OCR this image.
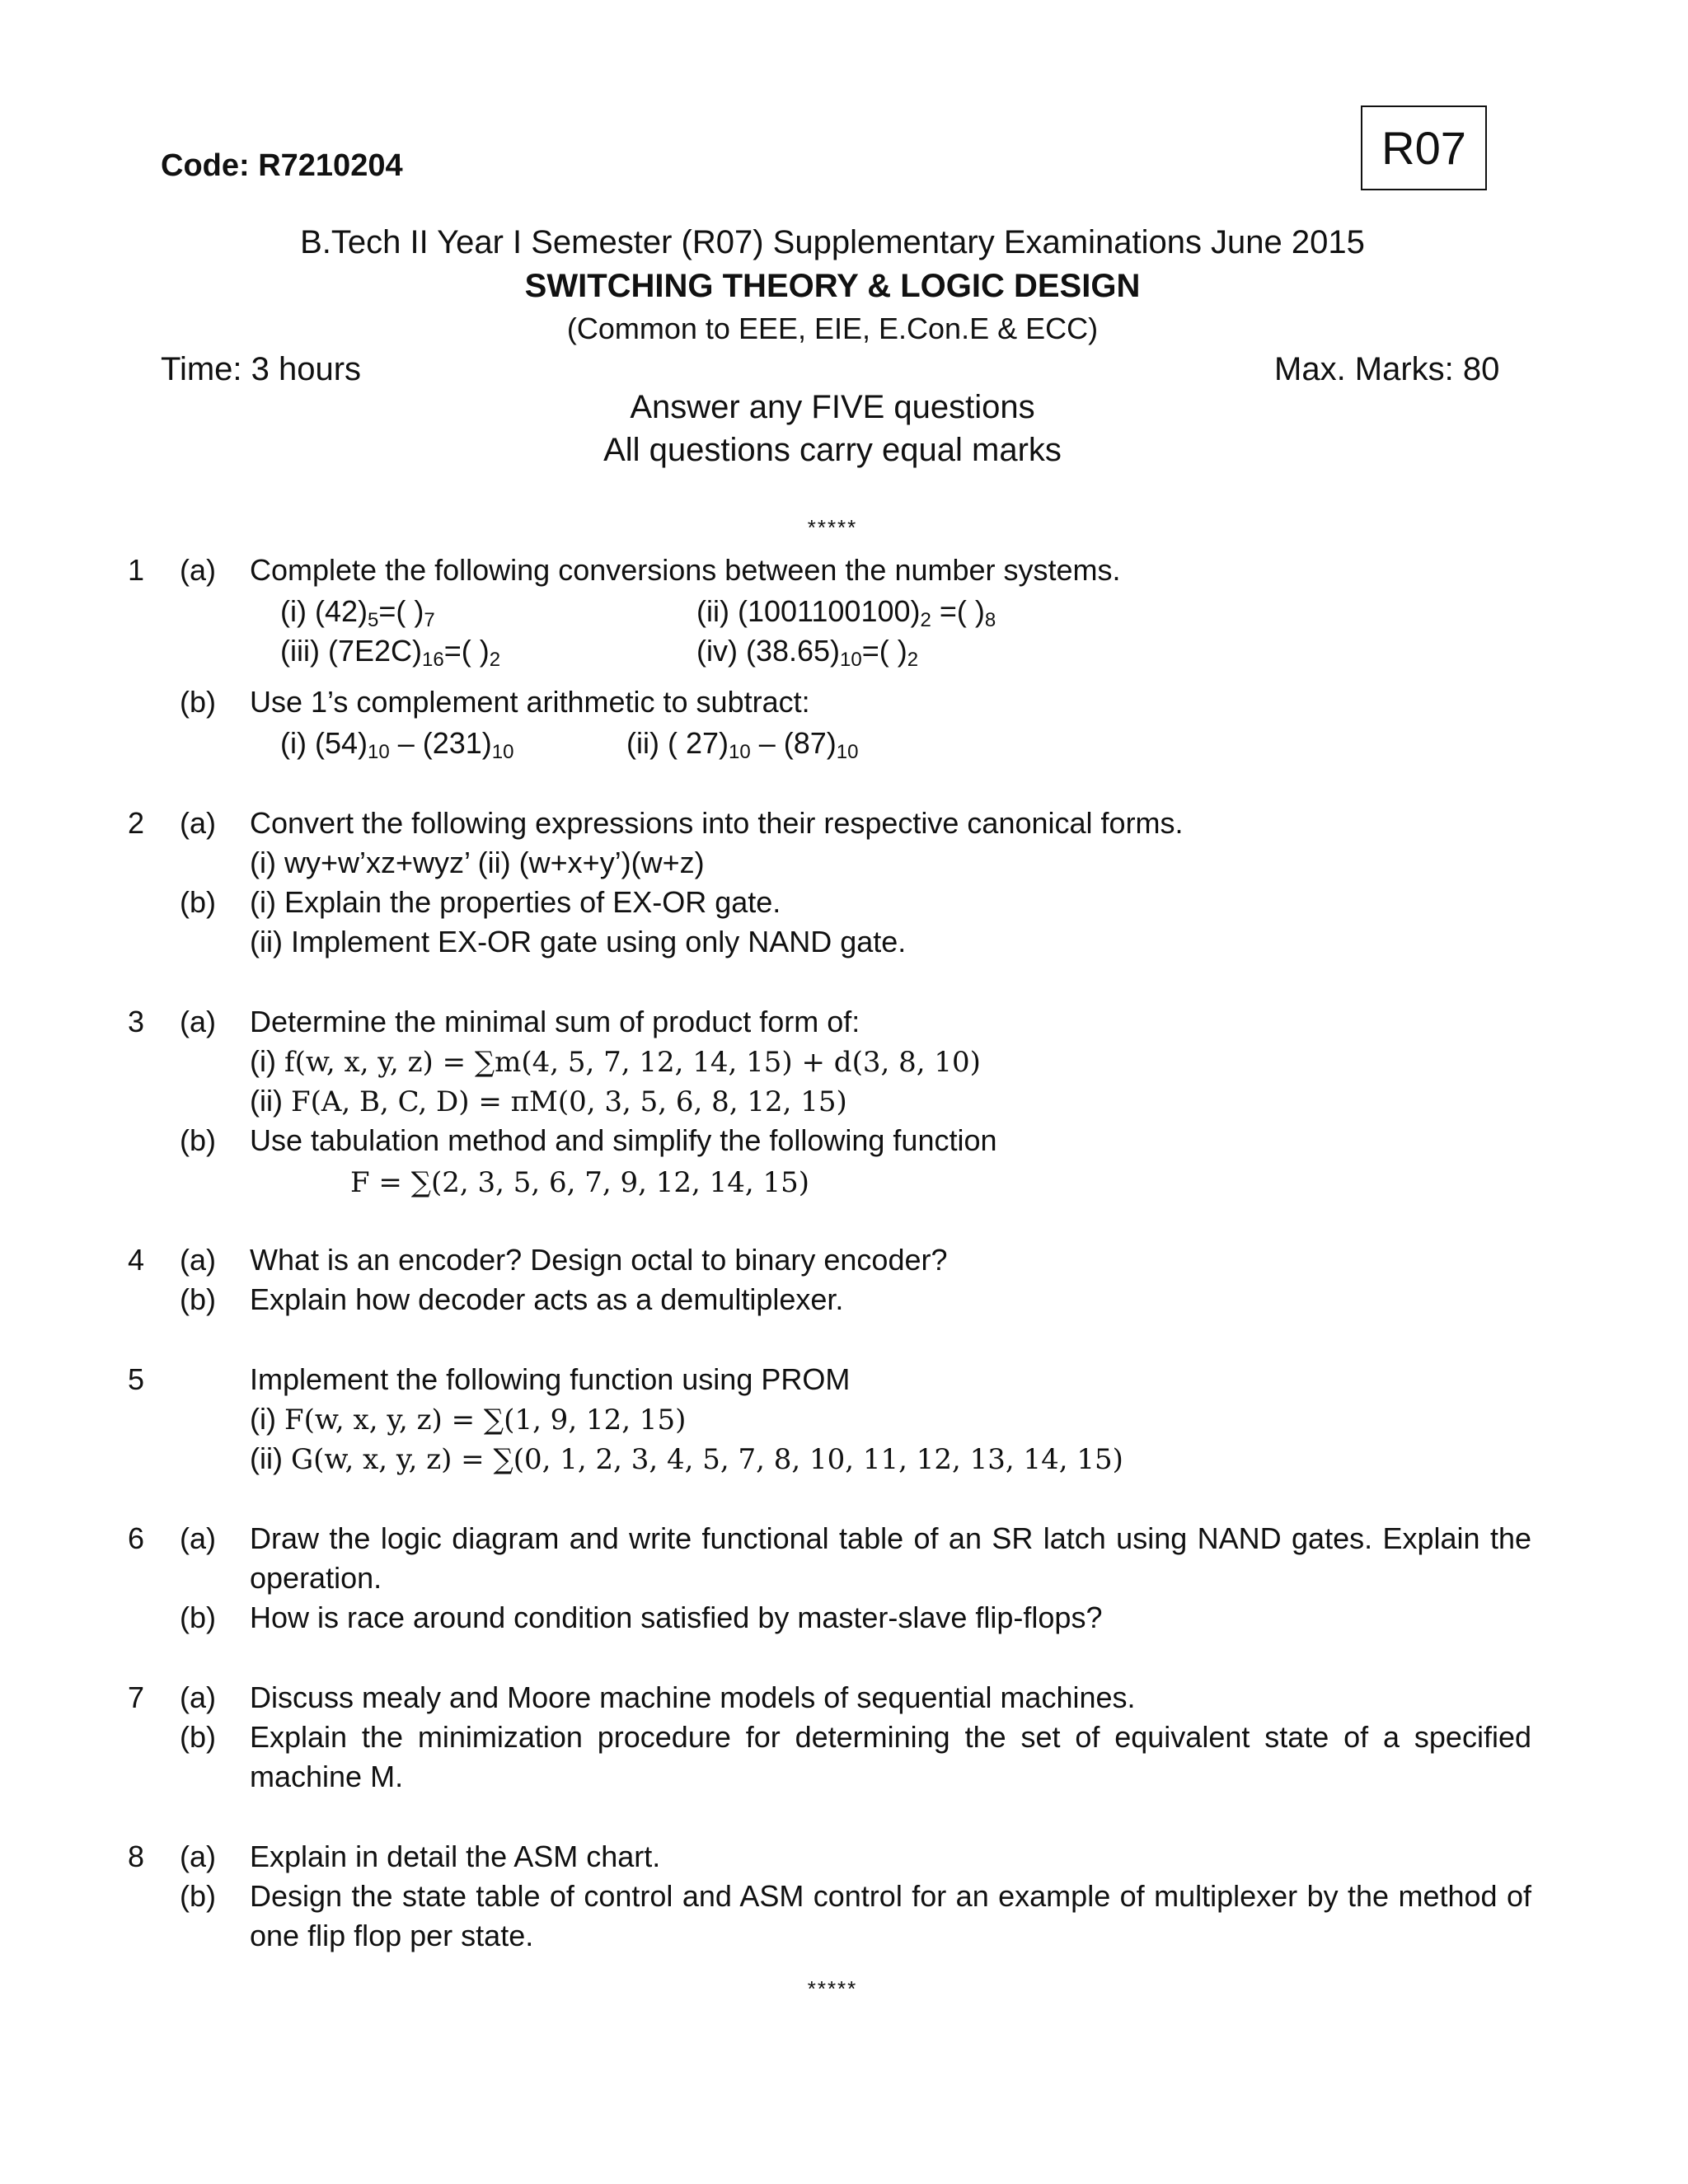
Code: R7210204	R07
B.Tech II Year I Semester (R07) Supplementary Examinations June 2015
SWITCHING THEORY & LOGIC DESIGN
(Common to EEE, EIE, E.Con.E & ECC)
Time: 3 hours	Max. Marks: 80
Answer any FIVE questions
All questions carry equal marks
*****
1 (a) Complete the following conversions between the number systems.
(i) $(42)_5=$( )$_7$	(ii) $(1001100100)_2$ =( )$_8$
(iii) $(7E2C)_{16}=$( )$_2$	(iv) $(38.65)_{10}=$( )$_2$
(b) Use 1’s complement arithmetic to subtract:
(i) $(54)_{10} - (231)_{10}$	(ii) ( $27)_{10} - (87)_{10}$
2 (a) Convert the following expressions into their respective canonical forms.
(i) wy+w’xz+wyz’ (ii) (w+x+y’)(w+z)
(b) (i) Explain the properties of EX-OR gate.
(ii) Implement EX-OR gate using only NAND gate.
3 (a) Determine the minimal sum of product form of:
(i) f(w, x, y, z) = ∑m(4, 5, 7, 12, 14, 15) + d(3, 8, 10)
(ii) F(A, B, C, D) = πM(0, 3, 5, 6, 8, 12, 15)
(b) Use tabulation method and simplify the following function
F = ∑(2, 3, 5, 6, 7, 9, 12, 14, 15)
4 (a) What is an encoder? Design octal to binary encoder?
(b) Explain how decoder acts as a demultiplexer.
5	Implement the following function using PROM
(i) F(w, x, y, z) = ∑(1, 9, 12, 15)
(ii) G(w, x, y, z) = ∑(0, 1, 2, 3, 4, 5, 7, 8, 10, 11, 12, 13, 14, 15)
6 (a) Draw the logic diagram and write functional table of an SR latch using NAND gates. Explain the operation.
(b) How is race around condition satisfied by master-slave flip-flops?
7 (a) Discuss mealy and Moore machine models of sequential machines.
(b) Explain the minimization procedure for determining the set of equivalent state of a specified machine M.
8 (a) Explain in detail the ASM chart.
(b) Design the state table of control and ASM control for an example of multiplexer by the method of one flip flop per state.
*****
